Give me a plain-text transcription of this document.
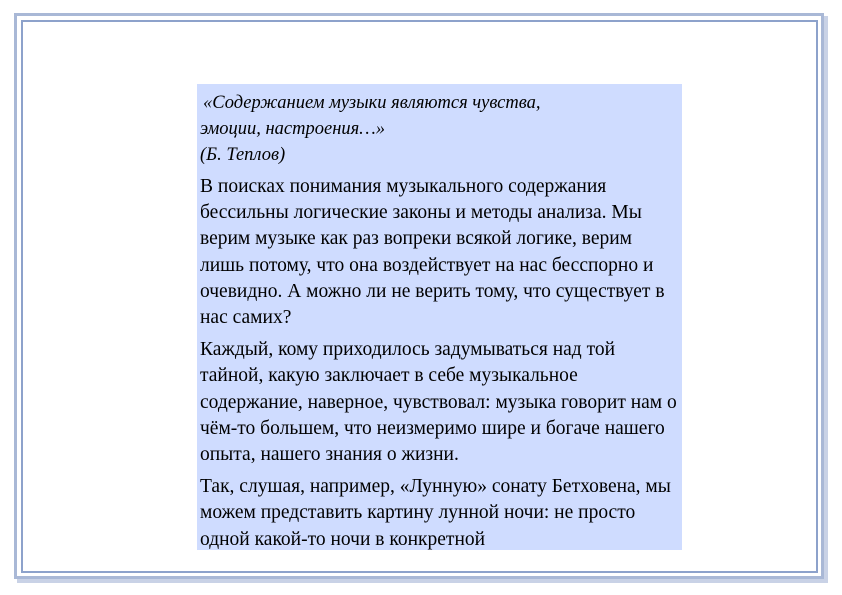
«Содержанием музыки являются чувства,
эмоции, настроения…»
(Б. Теплов)

В поисках понимания музыкального содержания бессильны логические законы и методы анализа. Мы верим музыке как раз вопреки всякой логике, верим лишь потому, что она воздействует на нас бесспорно и очевидно. А можно ли не верить тому, что существует в нас самих?

Каждый, кому приходилось задумываться над той тайной, какую заключает в себе музыкальное содержание, наверное, чувствовал: музыка говорит нам о чём-то большем, что неизмеримо шире и богаче нашего опыта, нашего знания о жизни.

Так, слушая, например, «Лунную» сонату Бетховена, мы можем представить картину лунной ночи: не просто одной какой-то ночи в конкретной
